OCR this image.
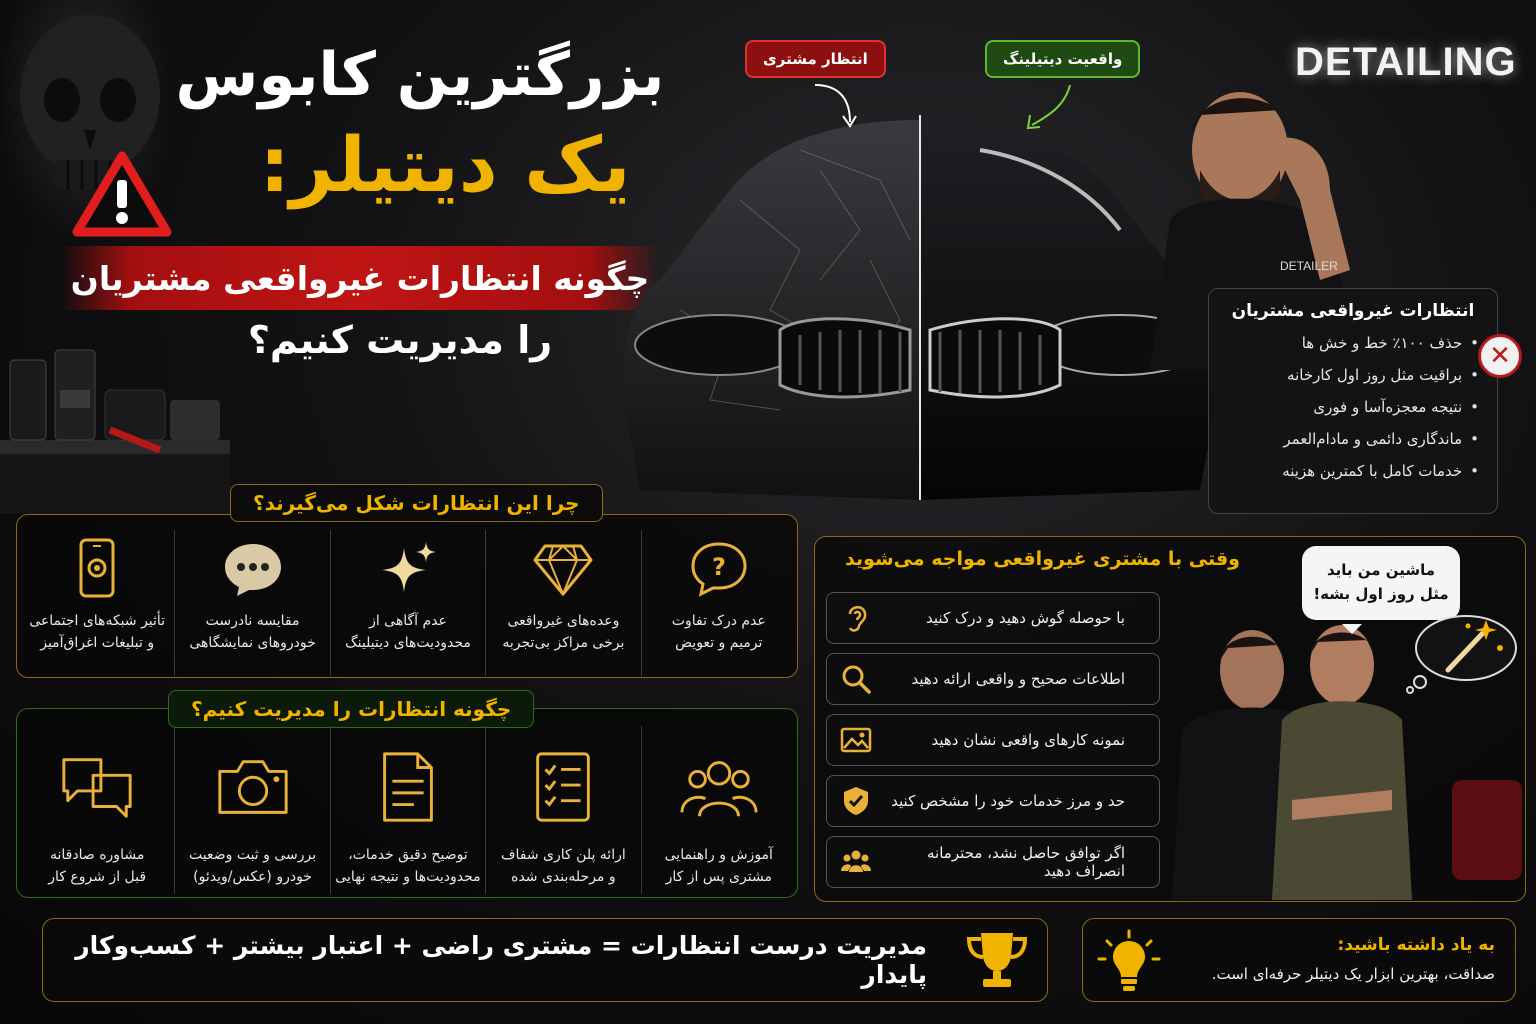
بزرگترین کابوس
یک دیتیلر:
چگونه انتظارات غیرواقعی مشتریان
را مدیریت کنیم؟
انتظار مشتری	واقعیت دیتیلینگ	DETAILING
DETAILER
انتظارات غیرواقعی مشتریان
• حذف ۱۰۰٪ خط و خش ها
• براقیت مثل روز اول کارخانه
• نتیجه معجزه‌آسا و فوری
• ماندگاری دائمی و مادام‌العمر
• خدمات کامل با کمترین هزینه
✕
چرا این انتظارات شکل می‌گیرند؟
?
عدم درک تفاوت
ترمیم و تعویض
وعده‌های غیرواقعی
برخی مراکز بی‌تجربه
عدم آگاهی از
محدودیت‌های دیتیلینگ
مقایسه نادرست
خودروهای نمایشگاهی
تأثیر شبکه‌های اجتماعی
و تبلیغات اغراق‌آمیز
چگونه انتظارات را مدیریت کنیم؟
آموزش و راهنمایی
مشتری پس از کار
ارائه پلن کاری شفاف
و مرحله‌بندی شده
توضیح دقیق خدمات،
محدودیت‌ها و نتیجه نهایی
بررسی و ثبت وضعیت
خودرو (عکس/ویدئو)
مشاوره صادقانه
قبل از شروع کار
وقتی با مشتری غیرواقعی مواجه می‌شوید
با حوصله گوش دهید و درک کنید
اطلاعات صحیح و واقعی ارائه دهید
نمونه کارهای واقعی نشان دهید
حد و مرز خدمات خود را مشخص کنید
اگر توافق حاصل نشد، محترمانه انصراف دهید
ماشین من باید
مثل روز اول بشه!
مدیریت درست انتظارات = مشتری راضی + اعتبار بیشتر + کسب‌وکار پایدار
به یاد داشته باشید:
صداقت، بهترین ابزار یک دیتیلر حرفه‌ای است.
